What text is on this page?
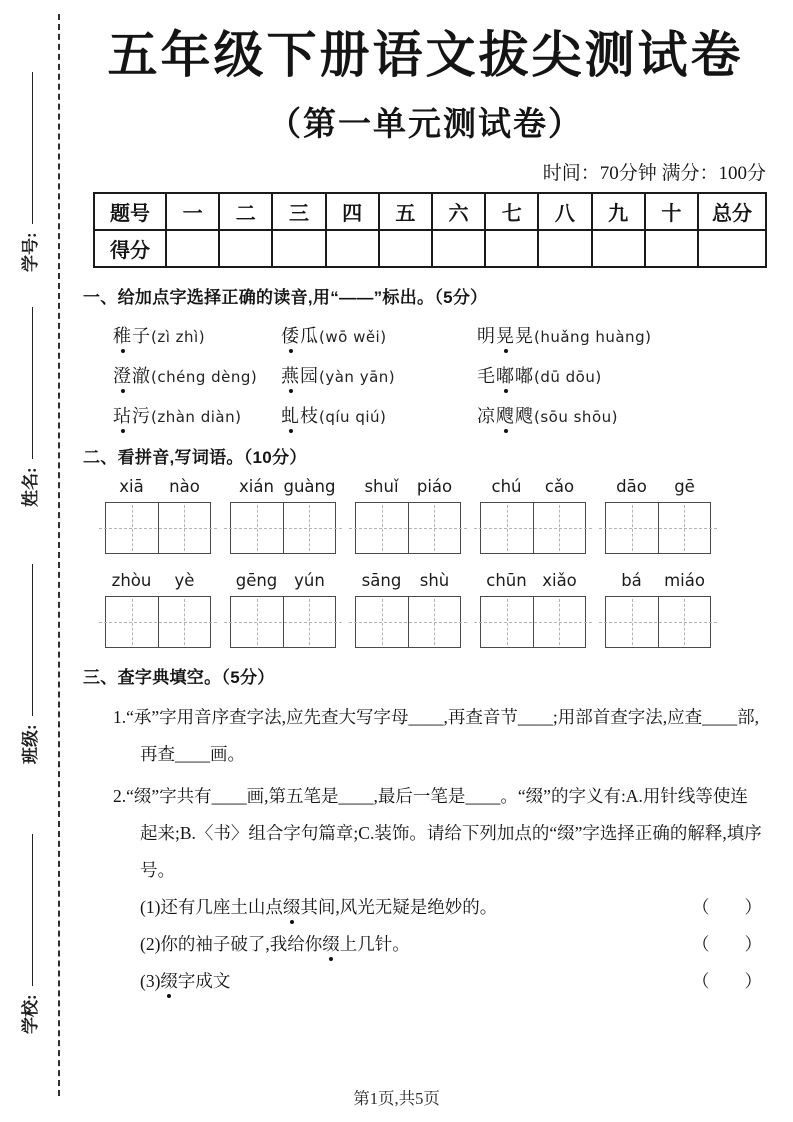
学号:
姓名:
班级:
学校:
五年级下册语文拔尖测试卷
（第一单元测试卷）
时间：70分钟 满分：100分
题号	一	二	三	四	五	六	七	八	九	十	总分
得分											
一、给加点字选择正确的读音,用“——”标出。（5分）
稚子(zì zhì)	倭瓜(wō wěi)	明晃晃(huǎng huàng)
澄澈(chéng dèng)	燕园(yàn yān)	毛嘟嘟(dū dōu)
玷污(zhàn diàn)	虬枝(qíu qiú)	凉飕飕(sōu shōu)
二、看拼音,写词语。（10分）
xiā	nào	xián guàng	shuǐ	piáo	chú	cǎo	dāo	gē
zhòu	yè	gēng	yún	sāng	shù	chūn xiǎo	bá	miáo
三、查字典填空。（5分）
1.“承”字用音序查字法,应先查大写字母____,再查音节____;用部首查字法,应查____部,再查____画。
2.“缀”字共有____画,第五笔是____,最后一笔是____。“缀”的字义有:A.用针线等使连起来;B.〈书〉组合字句篇章;C.装饰。请给下列加点的“缀”字选择正确的解释,填序号。
(1)还有几座土山点缀其间,风光无疑是绝妙的。	（　　）
(2)你的袖子破了,我给你缀上几针。	（　　）
(3)缀字成文	（　　）
第1页,共5页
